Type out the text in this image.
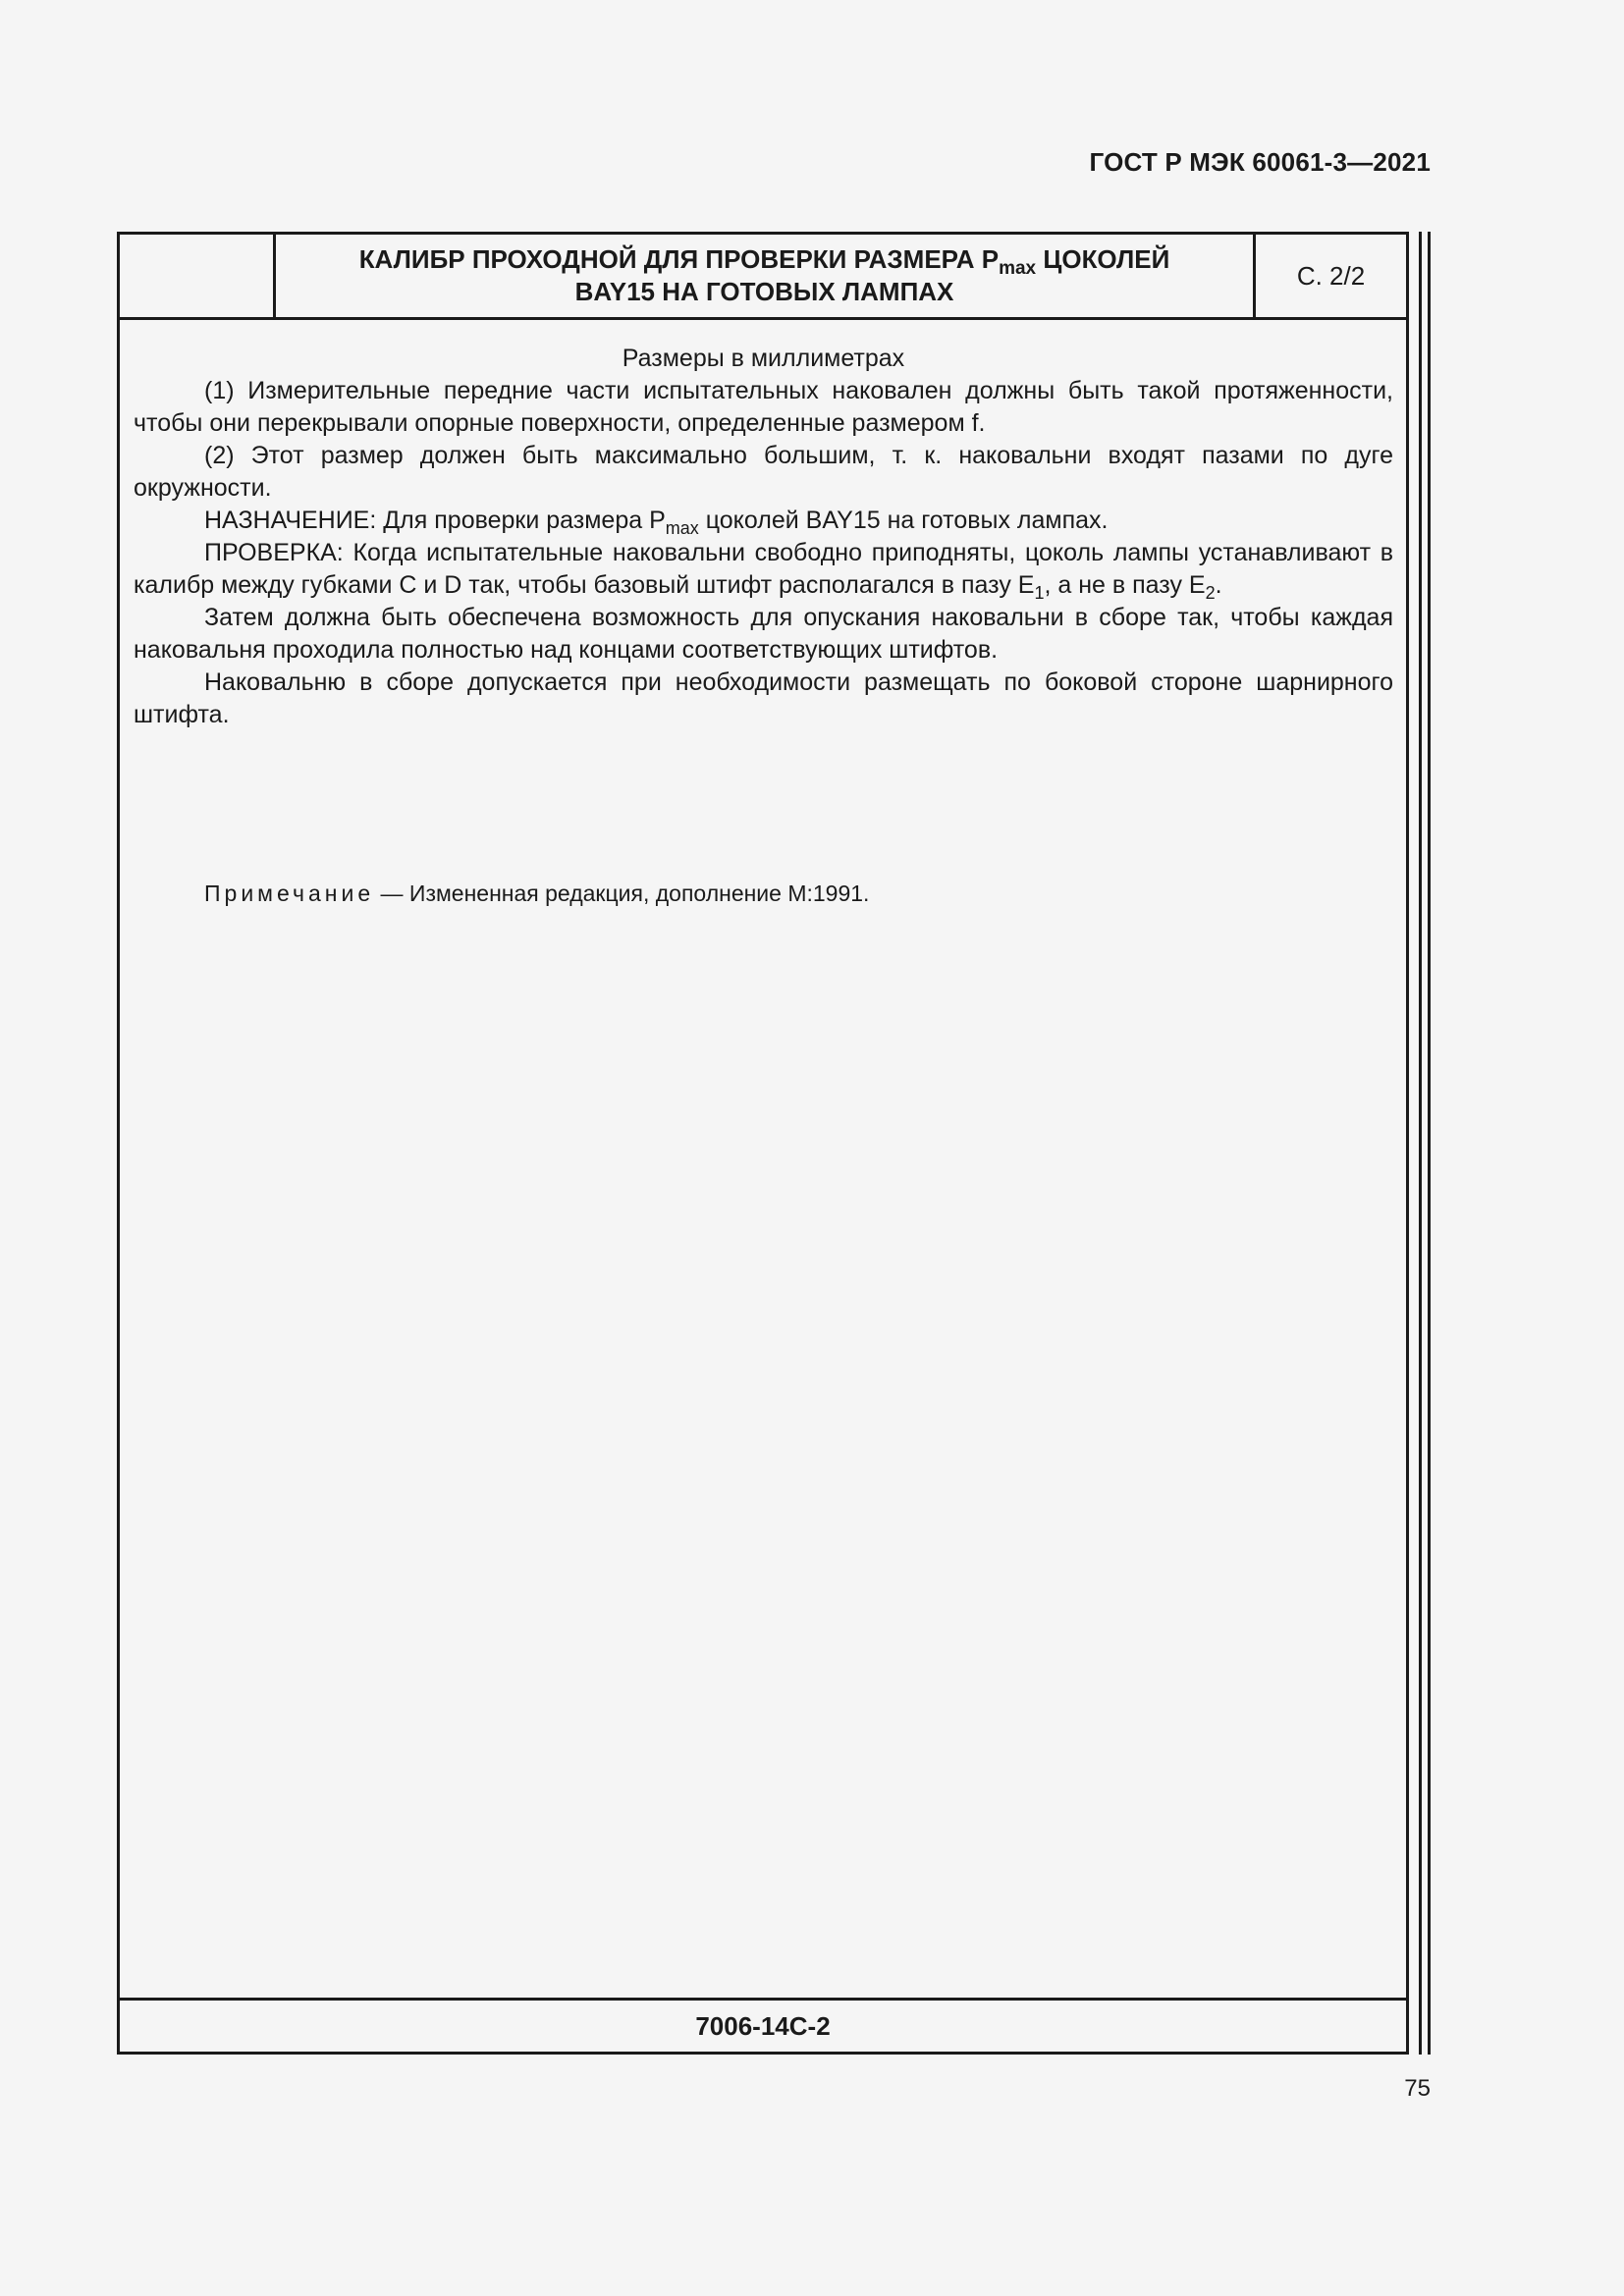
ГОСТ Р МЭК 60061-3—2021
КАЛИБР ПРОХОДНОЙ ДЛЯ ПРОВЕРКИ РАЗМЕРА $P_{max}$ ЦОКОЛЕЙ
BAY15 НА ГОТОВЫХ ЛАМПАХ
С. 2/2

Размеры в миллиметрах

(1) Измерительные передние части испытательных наковален должны быть такой протяженности, чтобы они перекрывали опорные поверхности, определенные размером f.

(2) Этот размер должен быть максимально большим, т. к. наковальни входят пазами по дуге окружности.

НАЗНАЧЕНИЕ: Для проверки размера $P_{max}$ цоколей BAY15 на готовых лампах.

ПРОВЕРКА: Когда испытательные наковальни свободно приподняты, цоколь лампы устанавливают в калибр между губками C и D так, чтобы базовый штифт располагался в пазу $E_1$, а не в пазу $E_2$.

Затем должна быть обеспечена возможность для опускания наковальни в сборе так, чтобы каждая наковальня проходила полностью над концами соответствующих штифтов.

Наковальню в сборе допускается при необходимости размещать по боковой стороне шарнирного штифта.

Примечание — Измененная редакция, дополнение М:1991.
7006-14C-2
75
